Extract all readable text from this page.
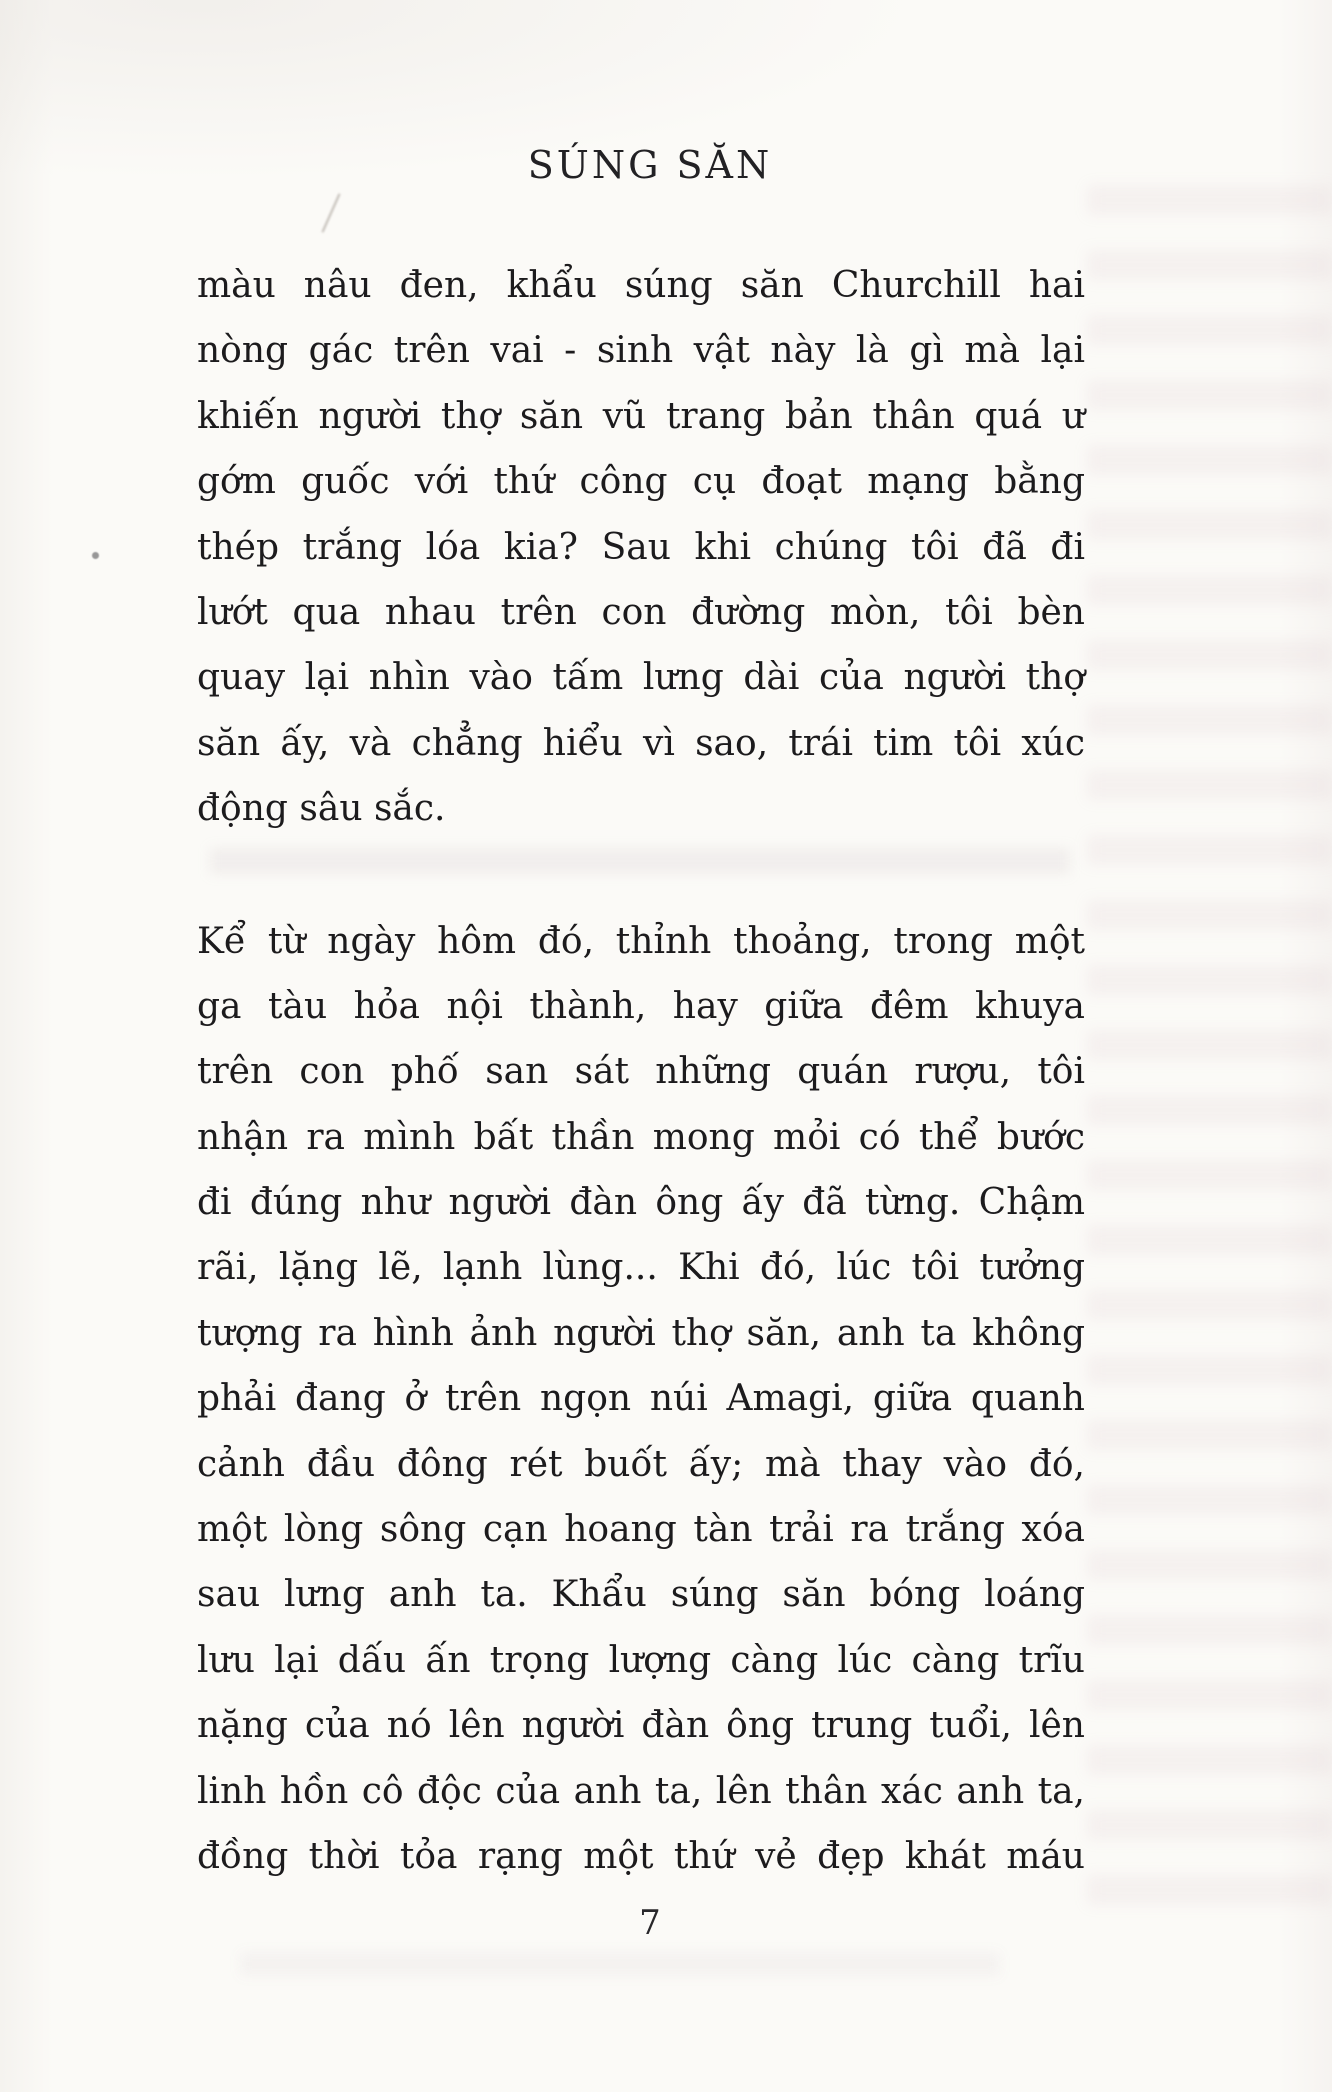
SÚNG SĂN
màu nâu đen, khẩu súng săn Churchill hai
nòng gác trên vai - sinh vật này là gì mà lại
khiến người thợ săn vũ trang bản thân quá ư
gớm guốc với thứ công cụ đoạt mạng bằng
thép trắng lóa kia? Sau khi chúng tôi đã đi
lướt qua nhau trên con đường mòn, tôi bèn
quay lại nhìn vào tấm lưng dài của người thợ
săn ấy, và chẳng hiểu vì sao, trái tim tôi xúc
động sâu sắc.
Kể từ ngày hôm đó, thỉnh thoảng, trong một
ga tàu hỏa nội thành, hay giữa đêm khuya
trên con phố san sát những quán rượu, tôi
nhận ra mình bất thần mong mỏi có thể bước
đi đúng như người đàn ông ấy đã từng. Chậm
rãi, lặng lẽ, lạnh lùng... Khi đó, lúc tôi tưởng
tượng ra hình ảnh người thợ săn, anh ta không
phải đang ở trên ngọn núi Amagi, giữa quanh
cảnh đầu đông rét buốt ấy; mà thay vào đó,
một lòng sông cạn hoang tàn trải ra trắng xóa
sau lưng anh ta. Khẩu súng săn bóng loáng
lưu lại dấu ấn trọng lượng càng lúc càng trĩu
nặng của nó lên người đàn ông trung tuổi, lên
linh hồn cô độc của anh ta, lên thân xác anh ta,
đồng thời tỏa rạng một thứ vẻ đẹp khát máu
7
